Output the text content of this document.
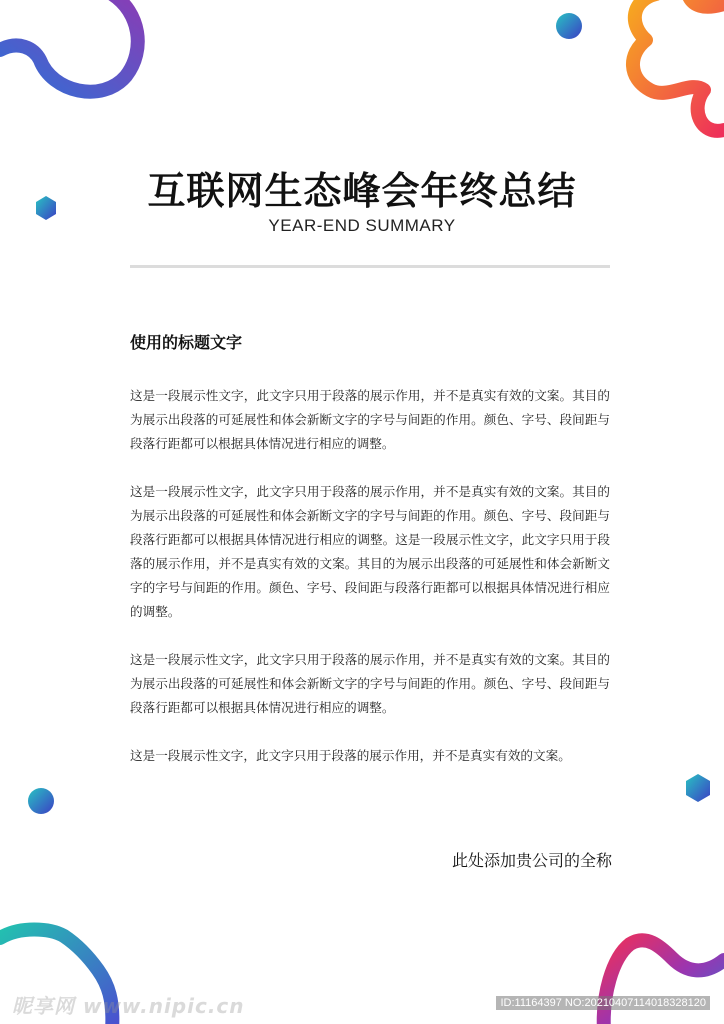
互联网生态峰会年终总结
YEAR-END SUMMARY
使用的标题文字

这是一段展示性文字，此文字只用于段落的展示作用，并不是真实有效的文案。其目的为展示出段落的可延展性和体会新断文字的字号与间距的作用。颜色、字号、段间距与段落行距都可以根据具体情况进行相应的调整。

这是一段展示性文字，此文字只用于段落的展示作用，并不是真实有效的文案。其目的为展示出段落的可延展性和体会新断文字的字号与间距的作用。颜色、字号、段间距与段落行距都可以根据具体情况进行相应的调整。这是一段展示性文字，此文字只用于段落的展示作用，并不是真实有效的文案。其目的为展示出段落的可延展性和体会新断文字的字号与间距的作用。颜色、字号、段间距与段落行距都可以根据具体情况进行相应的调整。

这是一段展示性文字，此文字只用于段落的展示作用，并不是真实有效的文案。其目的为展示出段落的可延展性和体会新断文字的字号与间距的作用。颜色、字号、段间距与段落行距都可以根据具体情况进行相应的调整。

这是一段展示性文字，此文字只用于段落的展示作用，并不是真实有效的文案。

此处添加贵公司的全称
昵享网 www.nipic.cn	ID:11164397 NO:20210407114018328120
